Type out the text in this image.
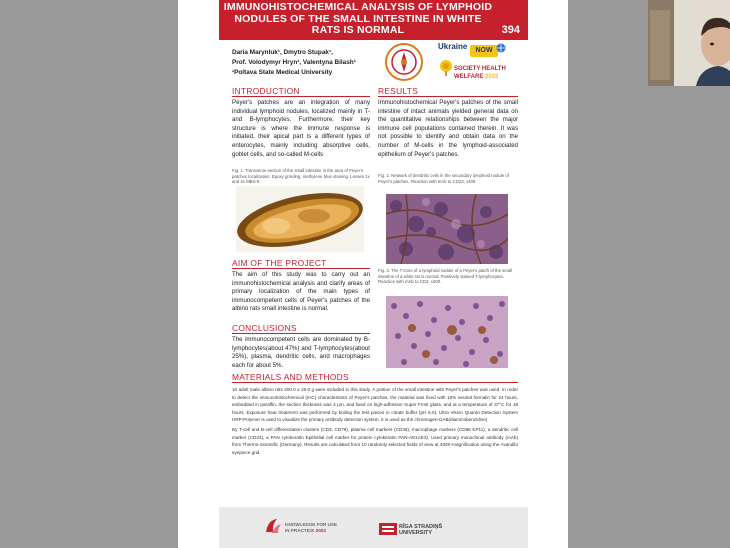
IMMUNOHISTOCHEMICAL ANALYSIS OF LYMPHOID NODULES OF THE SMALL INTESTINE IN WHITE RATS IS NORMAL	394
Daria Marynluk¹, Dmytro Stupak¹,
Prof. Volodymyr Hryn¹, Valentyna Bilash¹
¹Poltava State Medical University
Ukraine	NOW
SOCIETY HEALTH
WELFARE 2023
INTRODUCTION
Peyer's patches are an integration of many individual lymphoid nodules, localized mainly in T-and B-lymphocytes. Furthermore, their key structure is where the immune response is initiated, their apical part is a different types of enterocytes, mainly including absorptive cells, goblet cells, and so-called M-cells
Fig. 1. Transverse section of the small intestine in the area of Peyer's patches localization. Epoxy grinding, methylene blue staining. Lenses 1x and 2x MBS-9
AIM OF THE PROJECT
The aim of this study was to carry out an immunohistochemical analysis and clarify areas of primary localization of the main types of immunocompetent cells of Peyer's patches of the albino rats small intestine is normal.
CONCLUSIONS
The immunocompetent cells are dominated by B-lymphocytes(about 47%) and T-lymphocytes(about 25%), plasma, dendritic cells, and macrophages each for about 5%.
RESULTS
Immunohistochemical Peyer's patches of the small intestine of intact animals yielded general data on the quantitative relationships between the major immune cell populations contained therein. It was not possible to identify and obtain data on the number of M-cells in the lymphoid-associated epithelium of Peyer's patches.
Fig. 2. Network of dendritic cells in the secondary lymphoid nodule of Peyer's patches. Reaction with mAb to CD23, x400.
Fig. 3. The T-zone of a lymphoid nodule of a Peyer's patch of the small intestine of a white rat is normal. Positively stained T-lymphocytes. Reaction with mAb to CD3, x400.
MATERIALS AND METHODS

10 adult male albino rats 200.0 ± 20.0 g were included in this study. A portion of the small intestine with Peyer's patches was used. In order to detect the immunohistochemical (IHC) characteristics of Peyer's patches, the material was fixed with 10% neutral formalin for 24 hours, embedded in paraffin, the section thickness was 4 μm, and fixed on high-adhesion Super Frost glass, and at a temperature of 37°C for 18 hours. Exposure heat treatment was performed by boiling the test pieces in citrate buffer (pH 6.0). Ultra Vision Quanto Detection System HRP-Polymer is used to visualize the primary antibody detection system. It is used as the chromogen-DAB(diaminobenzidine).

By T-cell and B-cell differentiation clusters (CD3, CD79), plasma cell markers (CD38), macrophage markers (CD68 KP11), a dendritic cell marker (CD23), a PAN cytokeratin Epithelial cell marker for protein cytokeratin PAN-AE1AE3). Used primary monoclonal antibody (mAb) from Thermo-Scientific (Germany). Results are calculated from 10 randomly selected fields of view at 400X-magnification using the Avandilo eyepiece grid.

KNOWLEDGE FOR USE
IN PRACTICE 2023
RĪGA STRADIŅŠ
UNIVERSITY
